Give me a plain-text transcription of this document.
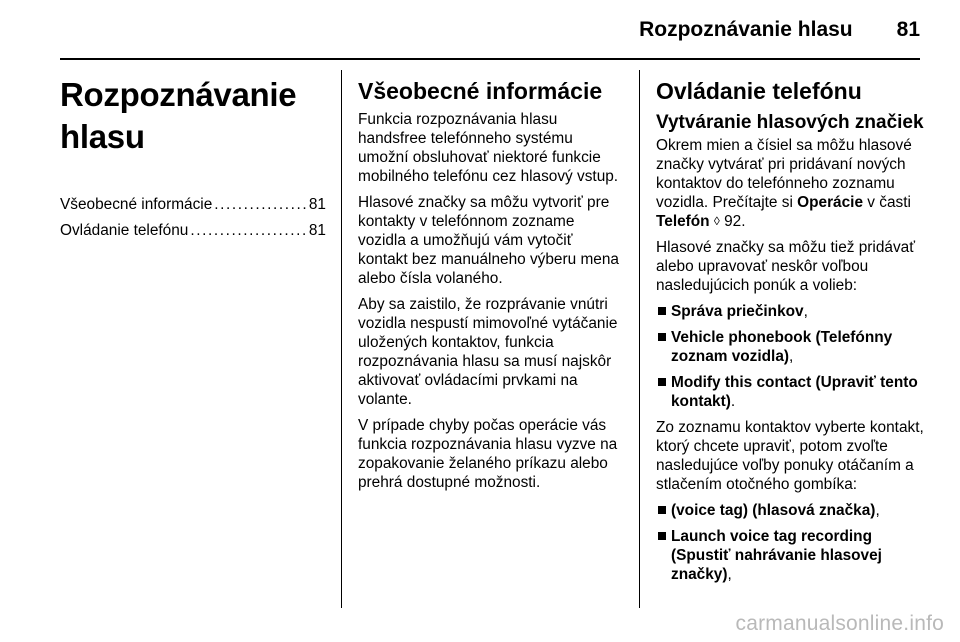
Rozpoznávanie hlasu 81
Rozpoznávanie hlasu
Všeobecné informácie .....	81
Ovládanie telefónu .....	81
Všeobecné informácie

Funkcia rozpoznávania hlasu handsfree telefónneho systému umožní obsluhovať niektoré funkcie mobilného telefónu cez hlasový vstup.

Hlasové značky sa môžu vytvoriť pre kontakty v telefónnom zozname vozidla a umožňujú vám vytočiť kontakt bez manuálneho výberu mena alebo čísla volaného.

Aby sa zaistilo, že rozprávanie vnútri vozidla nespustí mimovoľné vytáčanie uložených kontaktov, funkcia rozpoznávania hlasu sa musí najskôr aktivovať ovládacími prvkami na volante.

V prípade chyby počas operácie vás funkcia rozpoznávania hlasu vyzve na zopakovanie želaného príkazu alebo prehrá dostupné možnosti.

Ovládanie telefónu
Vytváranie hlasových značiek

Okrem mien a čísiel sa môžu hlasové značky vytvárať pri pridávaní nových kontaktov do telefónneho zoznamu vozidla. Prečítajte si Operácie v časti Telefón ◊ 92.

Hlasové značky sa môžu tiež pridávať alebo upravovať neskôr voľbou nasledujúcich ponúk a volieb:

Správa priečinkov,
Vehicle phonebook (Telefónny zoznam vozidla),
Modify this contact (Upraviť tento kontakt).

Zo zoznamu kontaktov vyberte kontakt, ktorý chcete upraviť, potom zvoľte nasledujúce voľby ponuky otáčaním a stlačením otočného gombíka:

(voice tag) (hlasová značka),
Launch voice tag recording (Spustiť nahrávanie hlasovej značky),
carmanualsonline.info
